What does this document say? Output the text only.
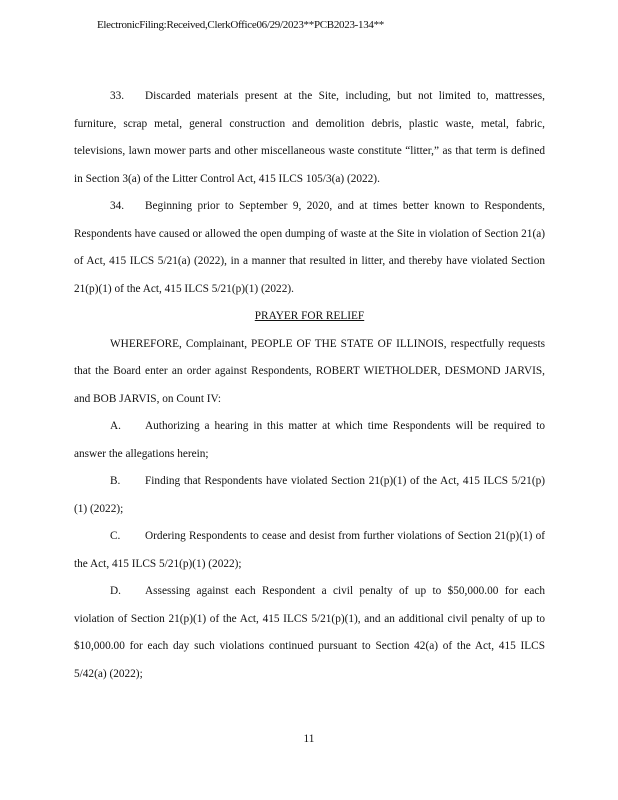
ElectronicFiling:Received,ClerkOffice06/29/2023**PCB2023-134**

33. Discarded materials present at the Site, including, but not limited to, mattresses, furniture, scrap metal, general construction and demolition debris, plastic waste, metal, fabric, televisions, lawn mower parts and other miscellaneous waste constitute “litter,” as that term is defined in Section 3(a) of the Litter Control Act, 415 ILCS 105/3(a) (2022).

34. Beginning prior to September 9, 2020, and at times better known to Respondents, Respondents have caused or allowed the open dumping of waste at the Site in violation of Section 21(a) of Act, 415 ILCS 5/21(a) (2022), in a manner that resulted in litter, and thereby have violated Section 21(p)(1) of the Act, 415 ILCS 5/21(p)(1) (2022).

PRAYER FOR RELIEF

WHEREFORE, Complainant, PEOPLE OF THE STATE OF ILLINOIS, respectfully requests that the Board enter an order against Respondents, ROBERT WIETHOLDER, DESMOND JARVIS, and BOB JARVIS, on Count IV:

A. Authorizing a hearing in this matter at which time Respondents will be required to answer the allegations herein;

B. Finding that Respondents have violated Section 21(p)(1) of the Act, 415 ILCS 5/21(p)(1) (2022);

C. Ordering Respondents to cease and desist from further violations of Section 21(p)(1) of the Act, 415 ILCS 5/21(p)(1) (2022);

D. Assessing against each Respondent a civil penalty of up to $50,000.00 for each violation of Section 21(p)(1) of the Act, 415 ILCS 5/21(p)(1), and an additional civil penalty of up to $10,000.00 for each day such violations continued pursuant to Section 42(a) of the Act, 415 ILCS 5/42(a) (2022);

11
